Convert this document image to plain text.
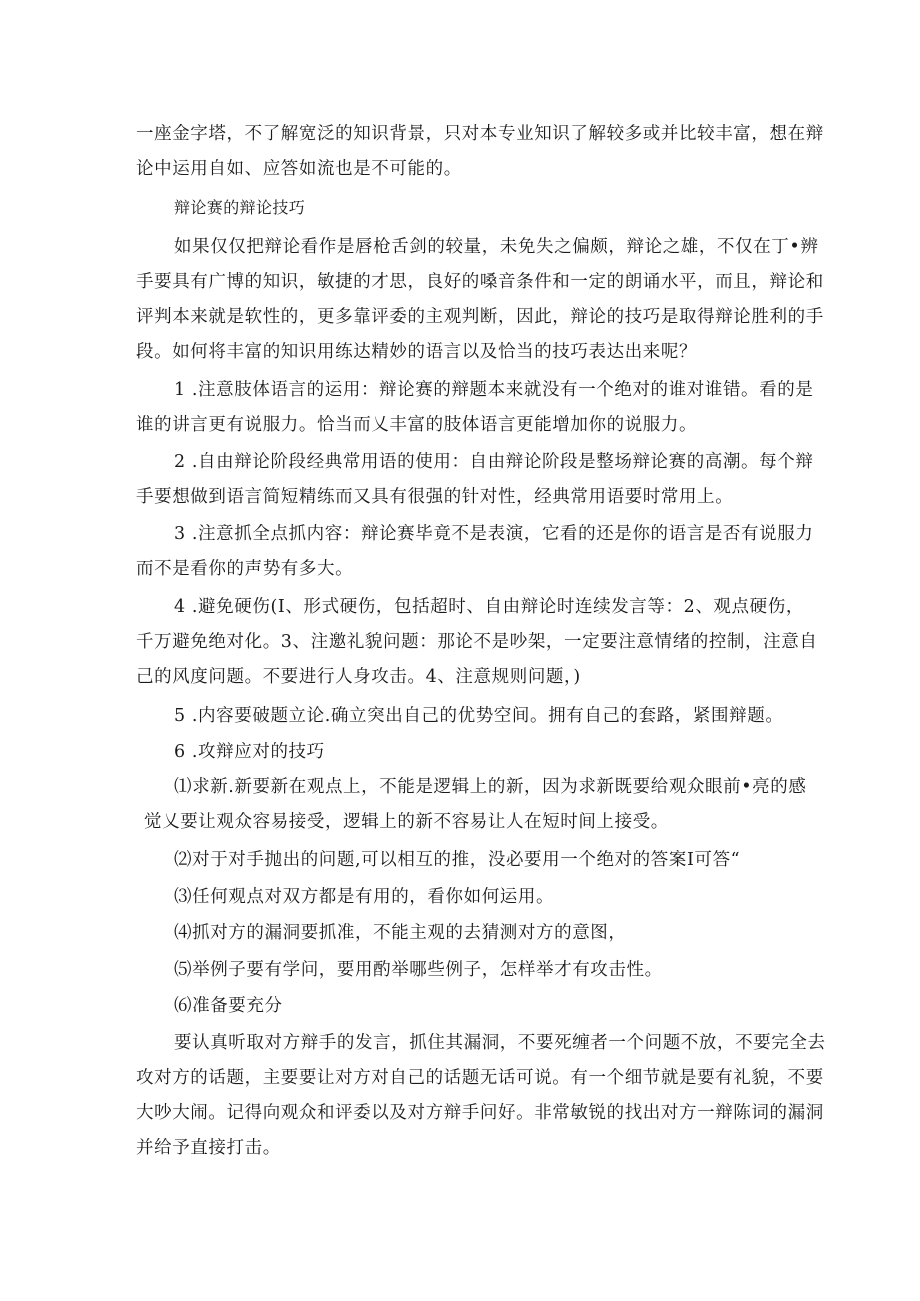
一座金字塔，不了解宽泛的知识背景，只对本专业知识了解较多或并比较丰富，想在辩
论中运用自如、应答如流也是不可能的。
辩论赛的辩论技巧
如果仅仅把辩论看作是唇枪舌剑的较量，未免失之偏颇，辩论之雄，不仅在丁•辨
手要具有广博的知识，敏捷的才思，良好的嗓音条件和一定的朗诵水平，而且，辩论和
评判本来就是软性的，更多靠评委的主观判断，因此，辩论的技巧是取得辩论胜利的手
段。如何将丰富的知识用练达精妙的语言以及恰当的技巧表达出来呢？
1 .注意肢体语言的运用：辩论赛的辩题本来就没有一个绝对的谁对谁错。看的是
谁的讲言更有说服力。恰当而乂丰富的肢体语言更能增加你的说服力。
2 .自由辩论阶段经典常用语的使用：自由辩论阶段是整场辩论赛的高潮。每个辩
手要想做到语言简短精练而又具有很强的针对性，经典常用语要时常用上。
3 .注意抓全点抓内容：辩论赛毕竟不是表演，它看的还是你的语言是否有说服力
而不是看你的声势有多大。
4 .避免硬伤(I、形式硬伤，包括超时、自由辩论时连续发言等：2、观点硬伤，
千万避免绝对化。3、注邀礼貌问题：那论不是吵架，一定要注意情绪的控制，注意自
己的风度问题。不要进行人身攻击。4、注意规则问题，)
5 .内容要破题立论.确立突出自己的优势空间。拥有自己的套路，紧围辩题。
6 .攻辩应对的技巧
⑴求新.新要新在观点上，不能是逻辑上的新，因为求新既要给观众眼前•亮的感
觉乂要让观众容易接受，逻辑上的新不容易让人在短时间上接受。
⑵对于对手抛出的问题,可以相互的推，没必要用一个绝对的答案I可答“
⑶任何观点对双方都是有用的，看你如何运用。
⑷抓对方的漏洞要抓准，不能主观的去猜测对方的意图，
⑸举例子要有学问，要用酌举哪些例子，怎样举才有攻击性。
⑹准备要充分
要认真听取对方辩手的发言，抓住其漏洞，不要死缠者一个问题不放，不要完全去
攻对方的话题，主要要让对方对自己的话题无话可说。有一个细节就是要有礼貌，不要
大吵大闹。记得向观众和评委以及对方辩手问好。非常敏锐的找出对方一辩陈词的漏洞
并给予直接打击。
